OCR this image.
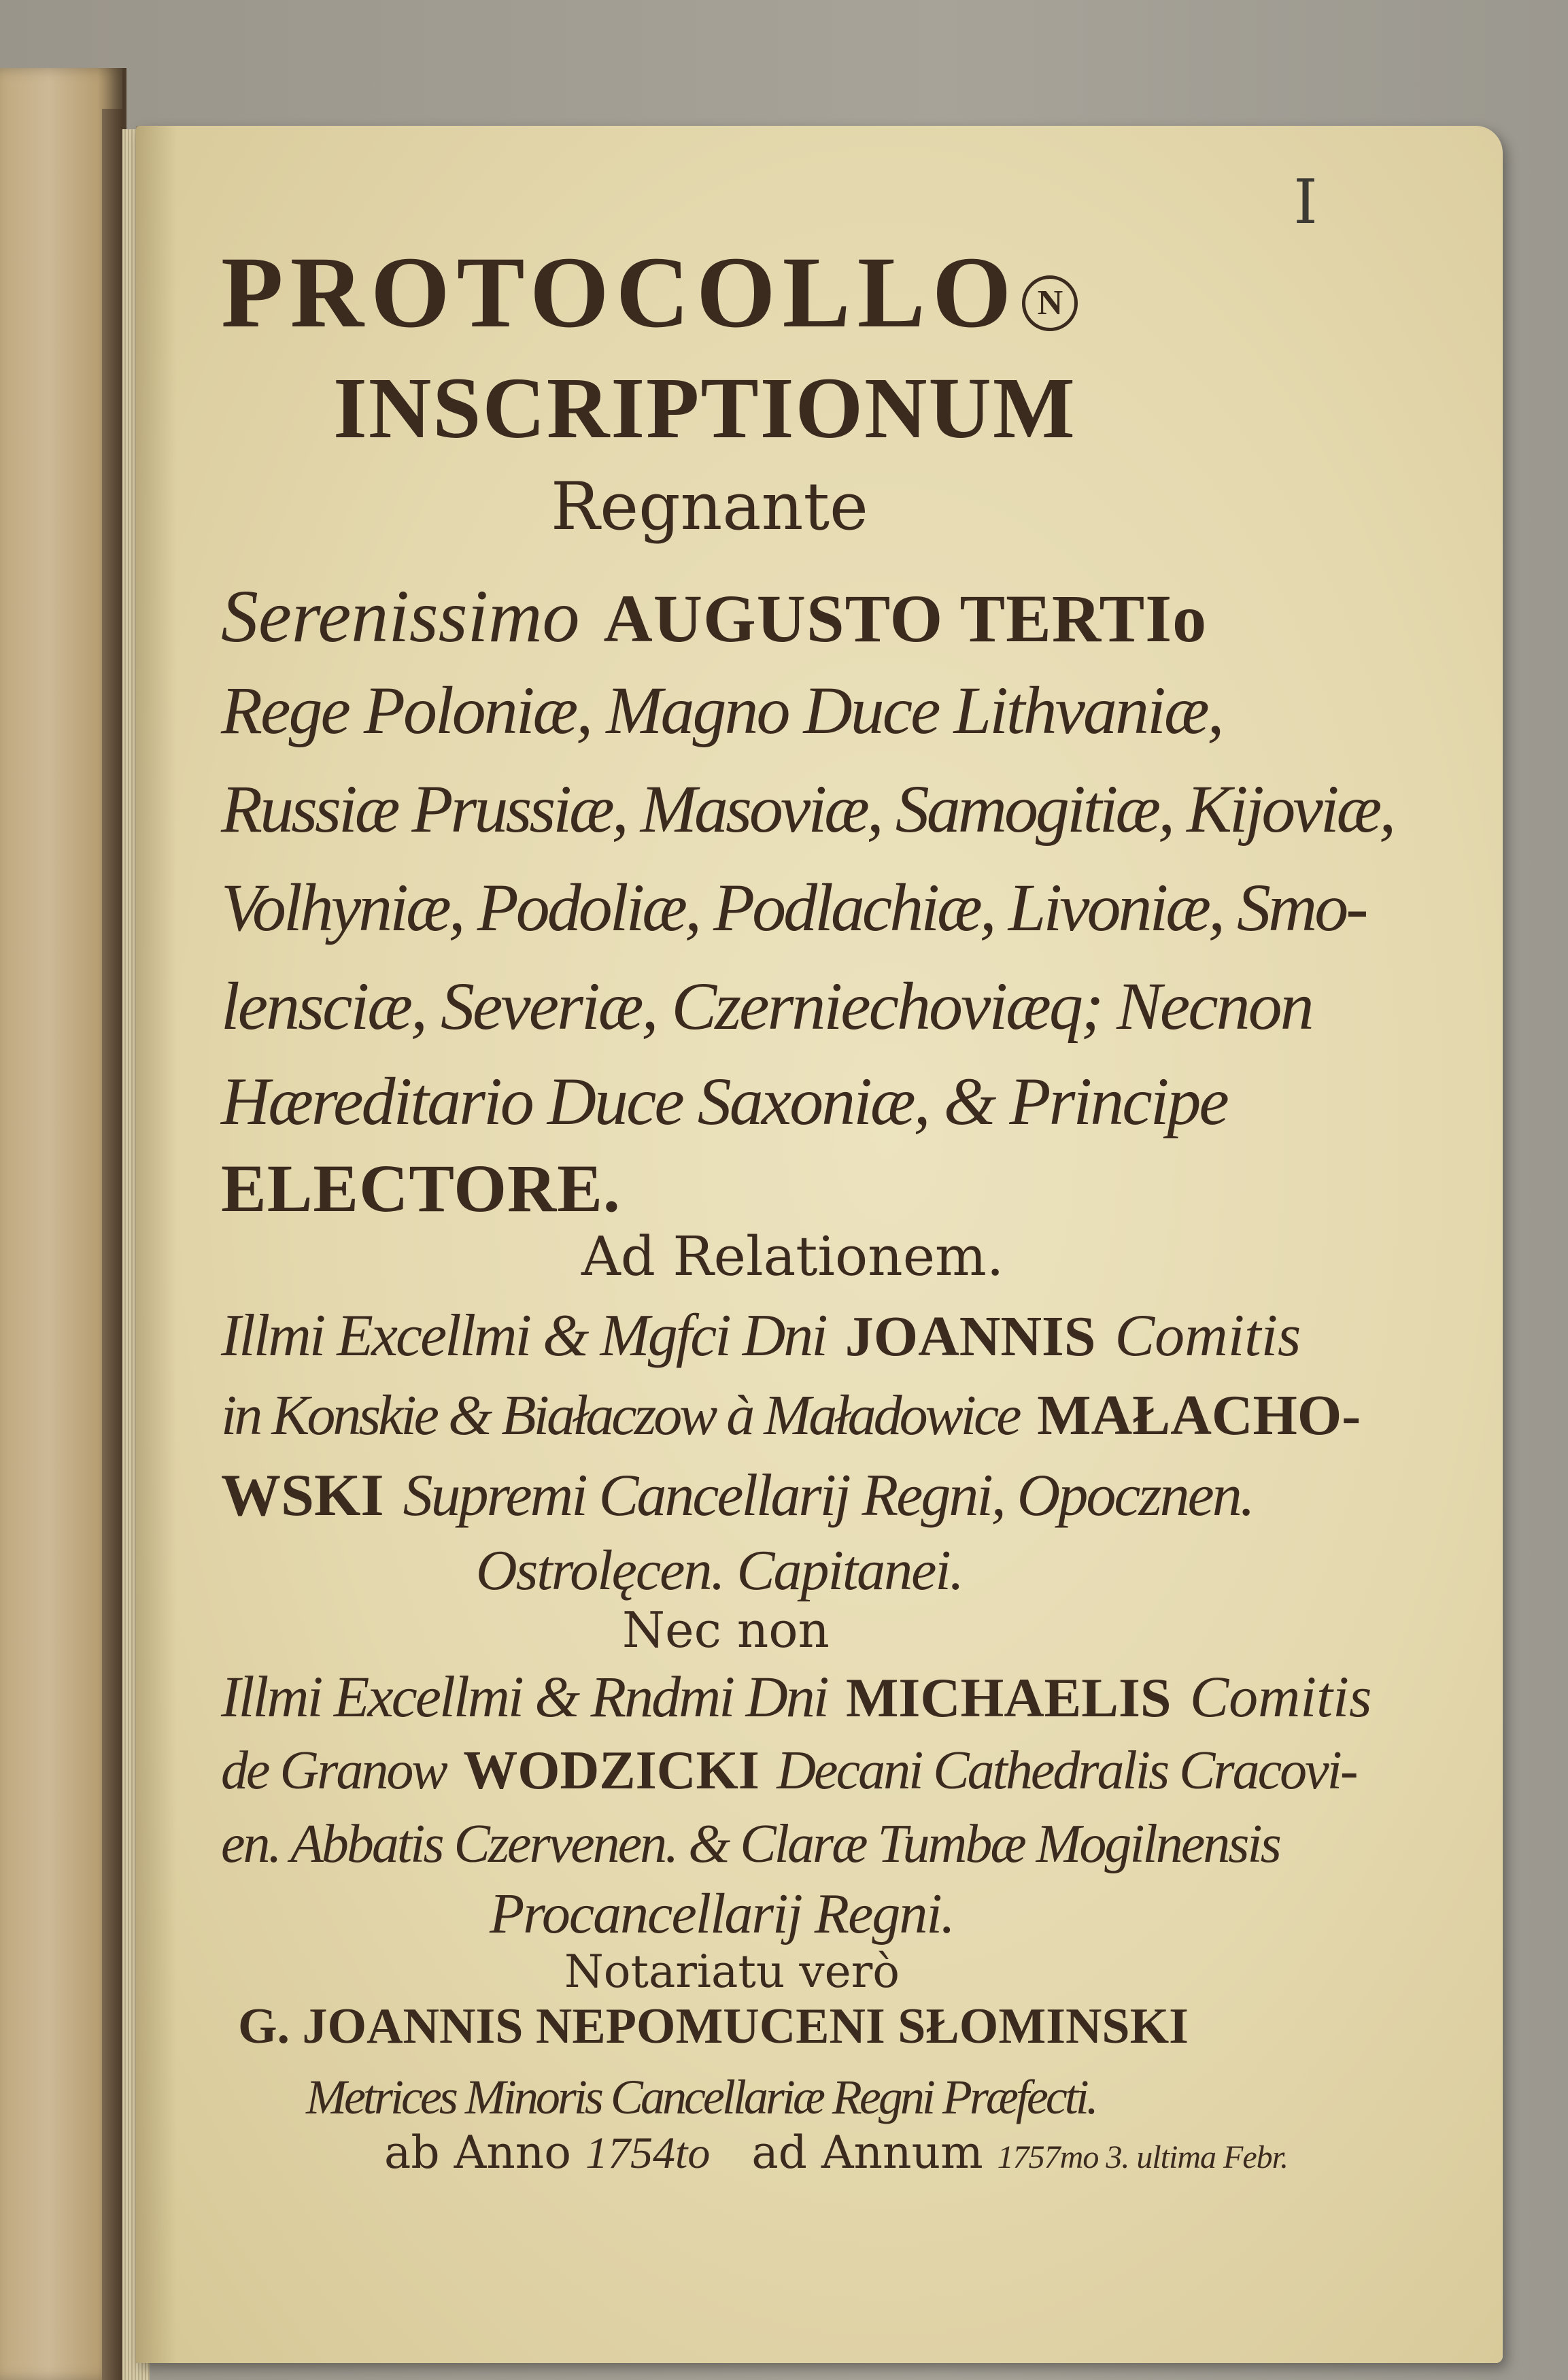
I
PROTOCOLLO N
INSCRIPTIONUM
Regnante
Serenissimo AUGUSTO TERTIo
Rege Poloniæ, Magno Duce Lithvaniæ,
Russiæ Prussiæ, Masoviæ, Samogitiæ, Kijoviæ,
Volhyniæ, Podoliæ, Podlachiæ, Livoniæ, Smo-
lensciæ, Severiæ, Czerniechoviæq; Necnon
Hæreditario Duce Saxoniæ, & Principe
ELECTORE.
Ad Relationem.
Illmi Excellmi & Mgfci Dni JOANNIS Comitis
in Konskie & Białaczow à Maładowice MAŁACHO-
WSKI Supremi Cancellarij Regni, Opocznen.
Ostrolęcen. Capitanei.
Nec non
Illmi Excellmi & Rndmi Dni MICHAELIS Comitis
de Granow WODZICKI Decani Cathedralis Cracovi-
en. Abbatis Czervenen. & Claræ Tumbæ Mogilnensis
Procancellarij Regni.
Notariatu verò
G. JOANNIS NEPOMUCENI SŁOMINSKI
Metrices Minoris Cancellariæ Regni Præfecti.
ab Anno 1754to ad Annum 1757mo 3. ultima Febr.
